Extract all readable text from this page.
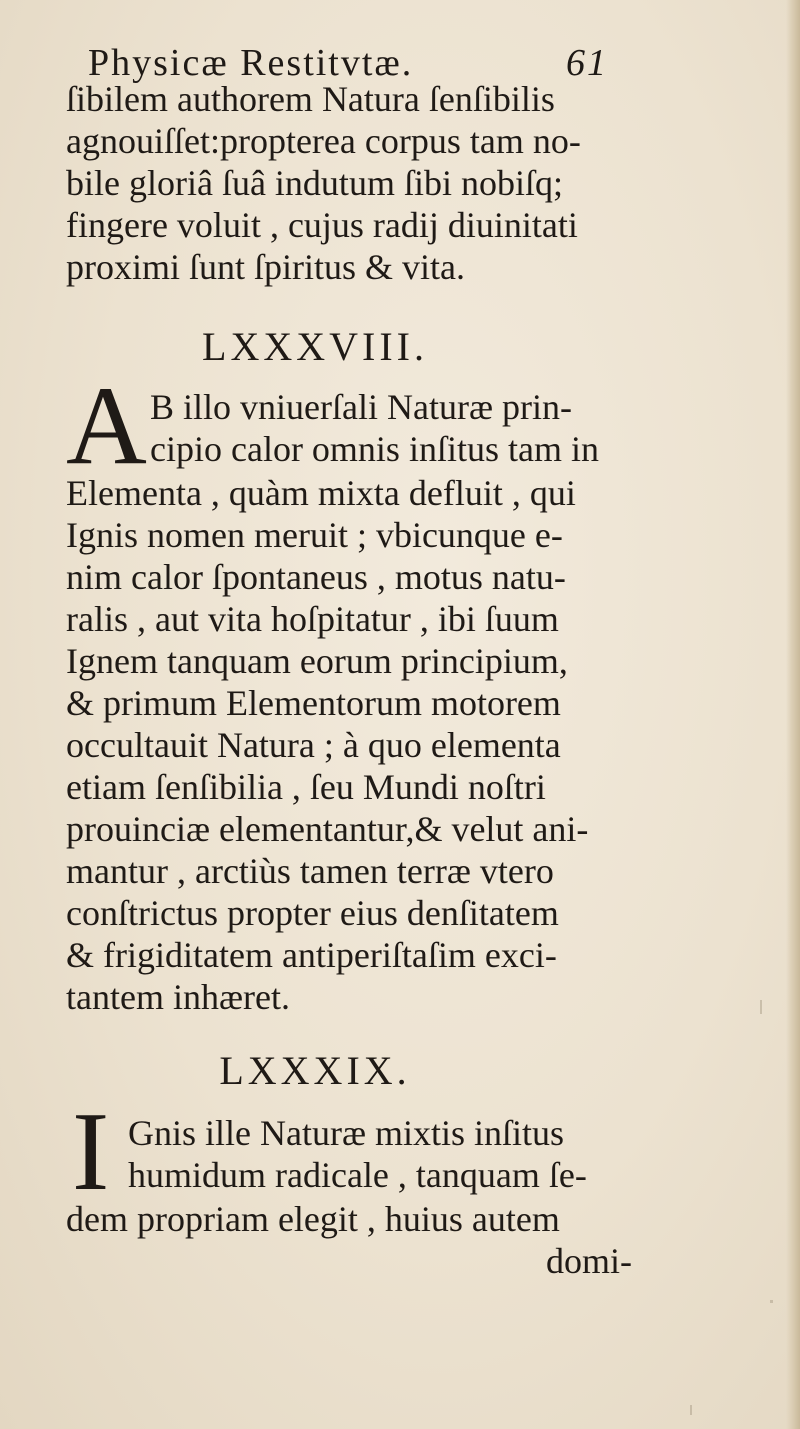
Physicæ Restitvtæ.	61
ſibilem authorem Natura ſenſibilis
agnouiſſet:propterea corpus tam no-
bile gloriâ ſuâ indutum ſibi nobiſq;
fingere voluit , cujus radij diuinitati
proximi ſunt ſpiritus & vita.
LXXXVIII.
A B illo vniuerſali Naturæ prin-
cipio calor omnis inſitus tam in
Elementa , quàm mixta defluit , qui
Ignis nomen meruit ; vbicunque e-
nim calor ſpontaneus , motus natu-
ralis , aut vita hoſpitatur , ibi ſuum
Ignem tanquam eorum principium,
& primum Elementorum motorem
occultauit Natura ; à quo elementa
etiam ſenſibilia , ſeu Mundi noſtri
prouinciæ elementantur,& velut ani-
mantur , arctiùs tamen terræ vtero
conſtrictus propter eius denſitatem
& frigiditatem antiperiſtaſim exci-
tantem inhæret.
LXXXIX.
I Gnis ille Naturæ mixtis inſitus
humidum radicale , tanquam ſe-
dem propriam elegit , huius autem
domi-
